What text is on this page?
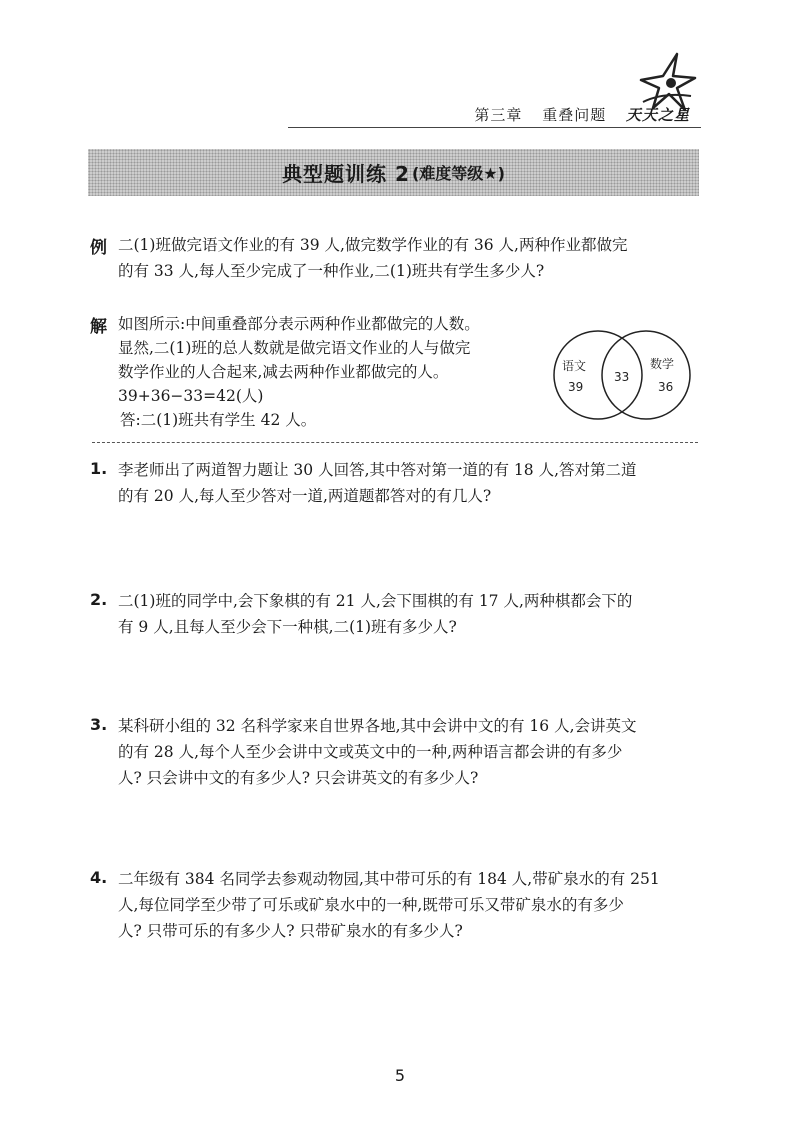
第三章 重叠问题 天天之星
典型题训练 2 (难度等级★)
例 二(1)班做完语文作业的有 39 人,做完数学作业的有 36 人,两种作业都做完
的有 33 人,每人至少完成了一种作业,二(1)班共有学生多少人?
解 如图所示:中间重叠部分表示两种作业都做完的人数。
显然,二(1)班的总人数就是做完语文作业的人与做完
数学作业的人合起来,减去两种作业都做完的人。
39+36−33=42(人)
答:二(1)班共有学生 42 人。
语文
39
33
数学
36
1. 李老师出了两道智力题让 30 人回答,其中答对第一道的有 18 人,答对第二道
的有 20 人,每人至少答对一道,两道题都答对的有几人?
2. 二(1)班的同学中,会下象棋的有 21 人,会下围棋的有 17 人,两种棋都会下的
有 9 人,且每人至少会下一种棋,二(1)班有多少人?
3. 某科研小组的 32 名科学家来自世界各地,其中会讲中文的有 16 人,会讲英文
的有 28 人,每个人至少会讲中文或英文中的一种,两种语言都会讲的有多少
人? 只会讲中文的有多少人? 只会讲英文的有多少人?
4. 二年级有 384 名同学去参观动物园,其中带可乐的有 184 人,带矿泉水的有 251
人,每位同学至少带了可乐或矿泉水中的一种,既带可乐又带矿泉水的有多少
人? 只带可乐的有多少人? 只带矿泉水的有多少人?
5
